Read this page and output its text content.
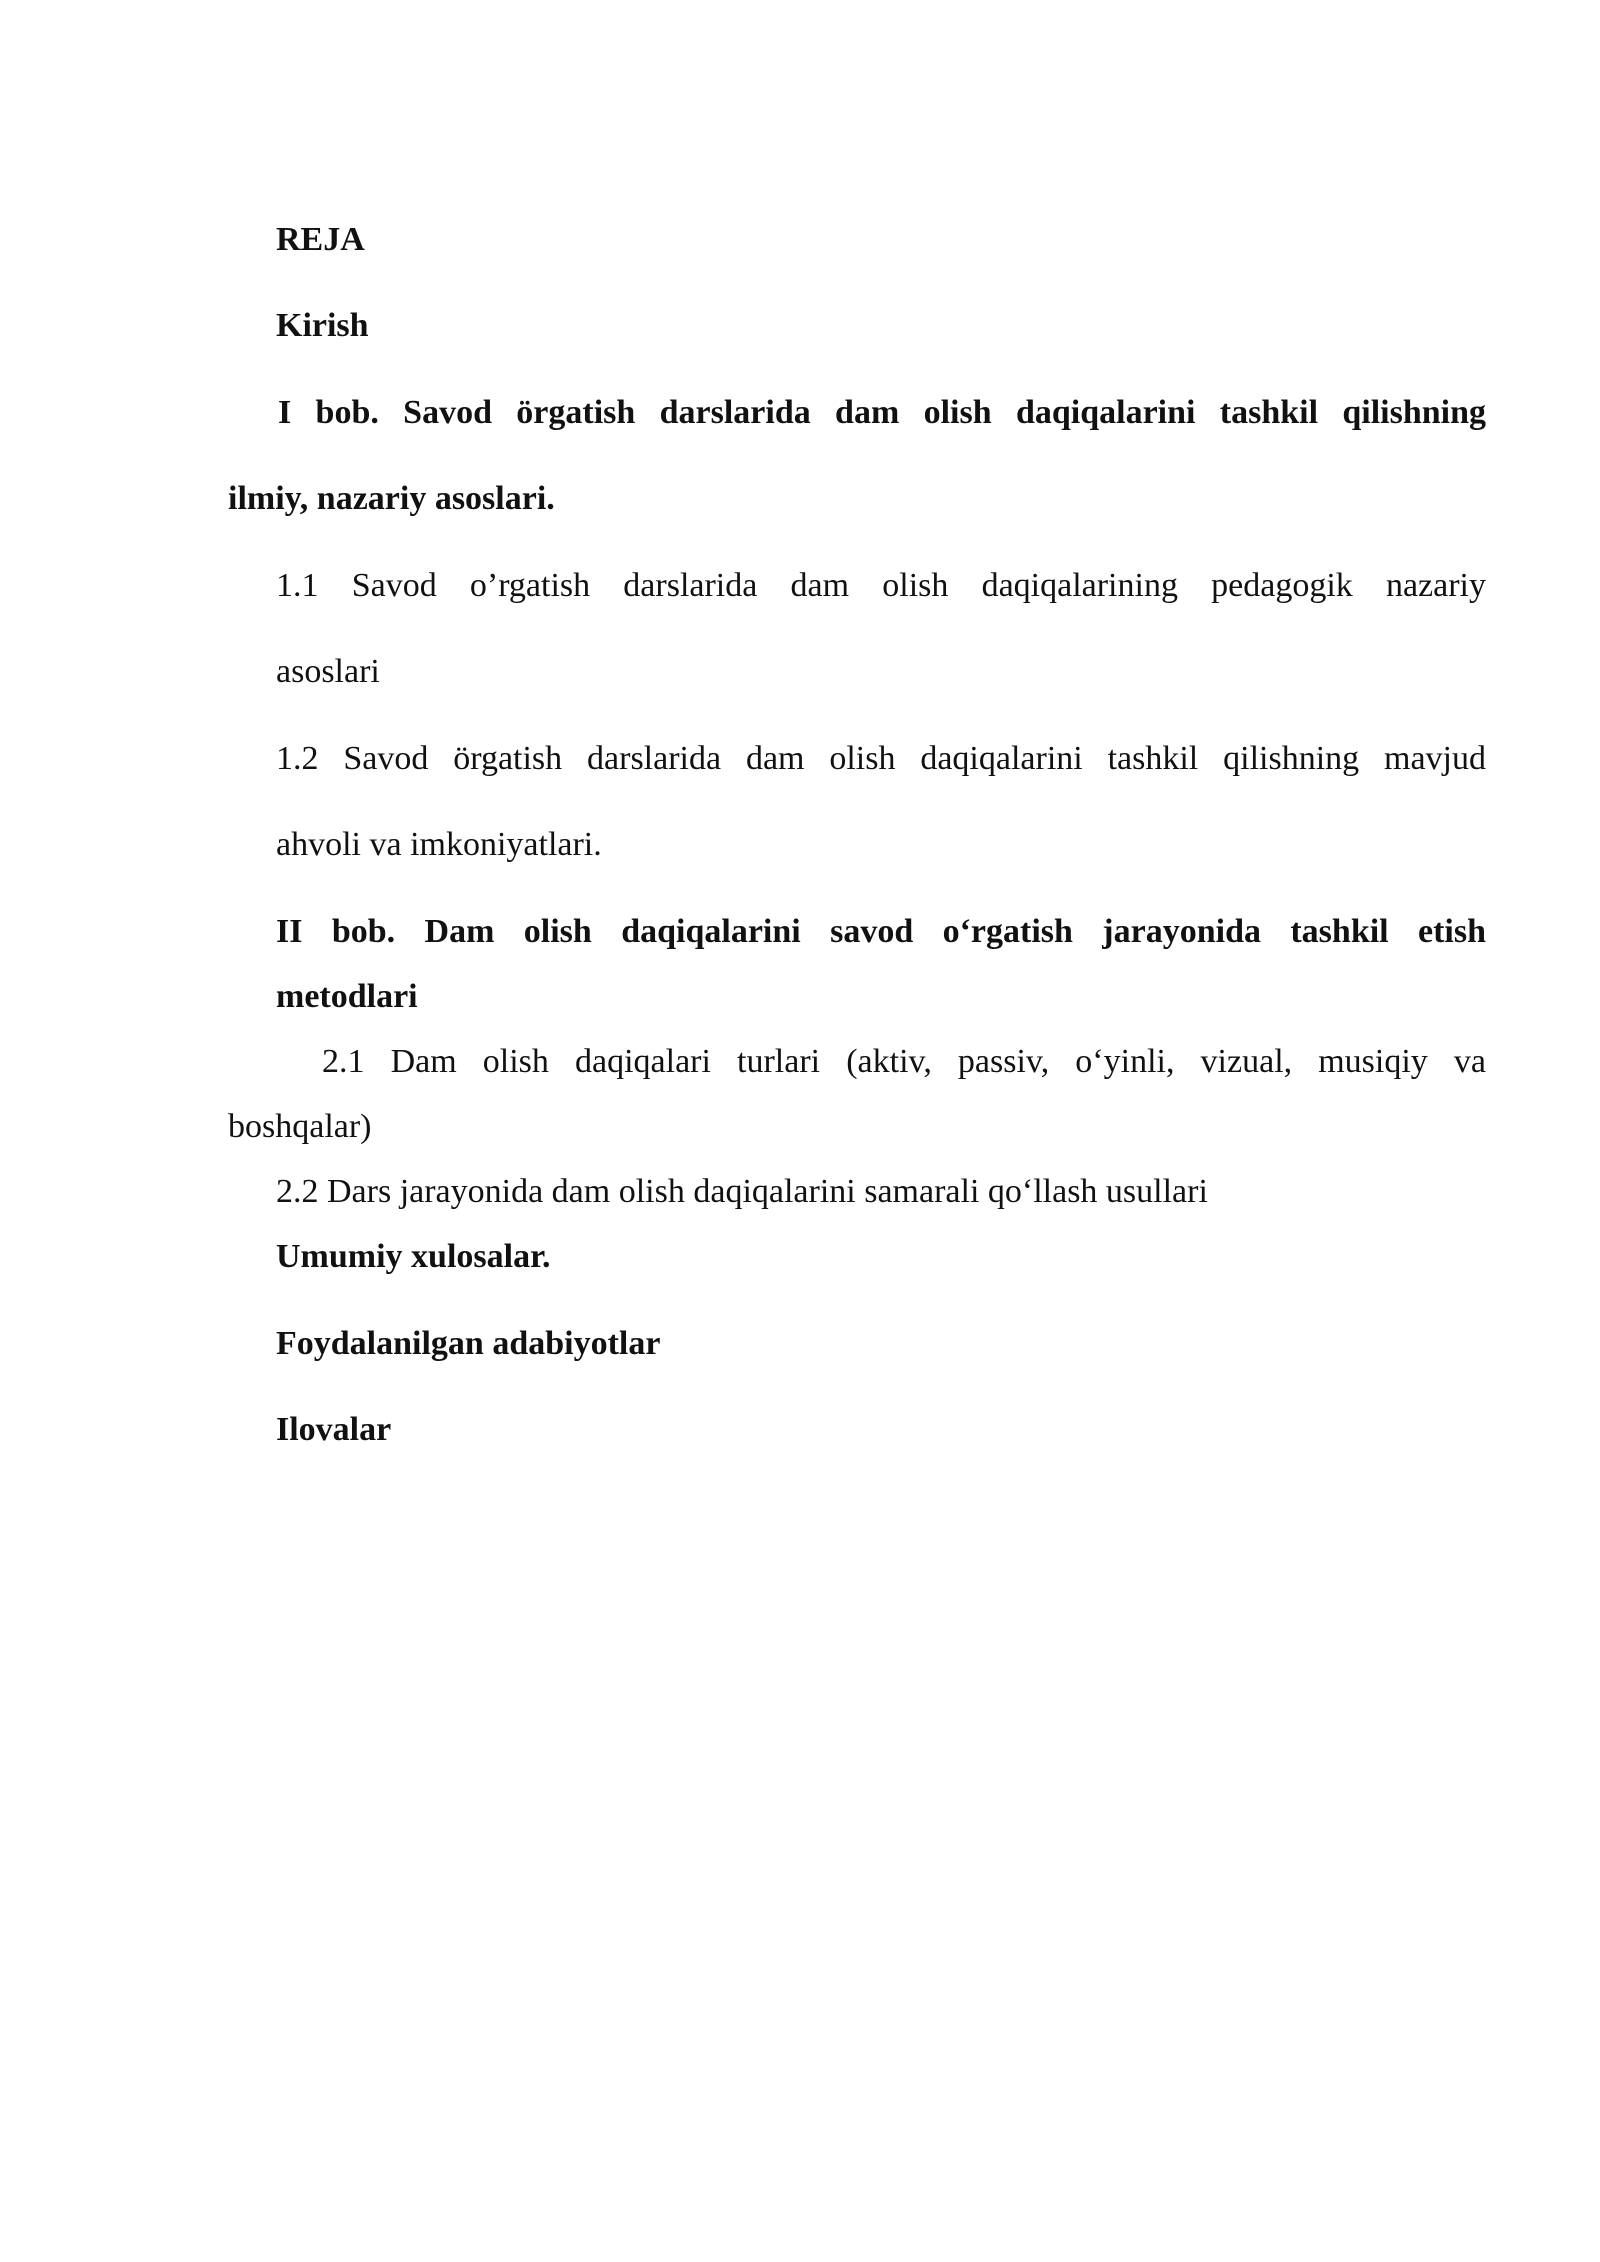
REJA
Kirish
I bob. Savod örgatish darslarida dam olish daqiqalarini tashkil qilishning
ilmiy, nazariy asoslari.
1.1 Savod o’rgatish darslarida dam olish daqiqalarining pedagogik nazariy
asoslari
1.2 Savod örgatish darslarida dam olish daqiqalarini tashkil qilishning mavjud
ahvoli va imkoniyatlari.
II bob. Dam olish daqiqalarini savod o‘rgatish jarayonida tashkil etish
metodlari
2.1 Dam olish daqiqalari turlari (aktiv, passiv, o‘yinli, vizual, musiqiy va
boshqalar)
2.2 Dars jarayonida dam olish daqiqalarini samarali qo‘llash usullari
Umumiy xulosalar.
Foydalanilgan adabiyotlar
Ilovalar
